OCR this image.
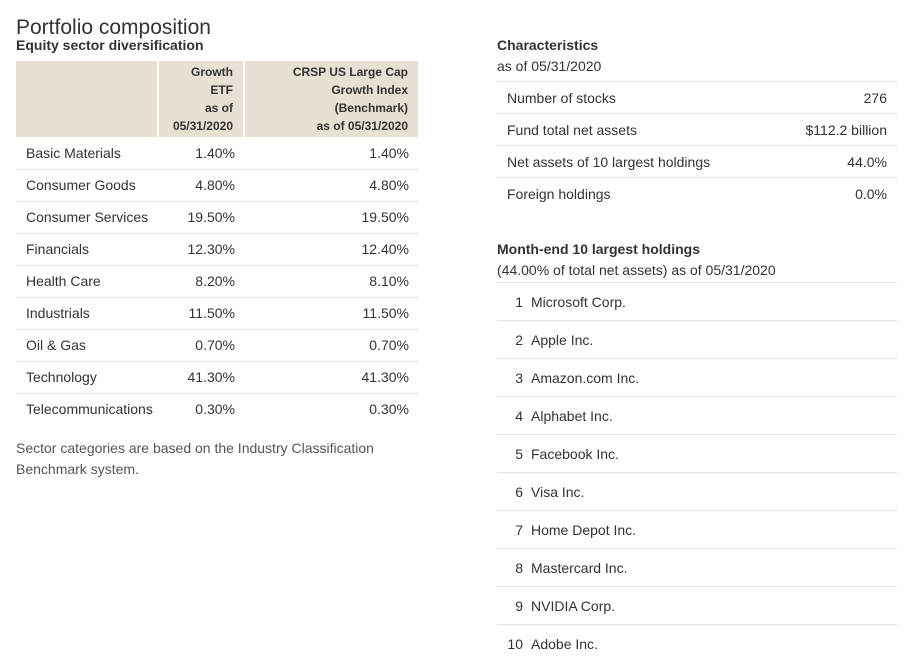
Portfolio composition
Equity sector diversification

	Growth
ETF
as of
05/31/2020	CRSP US Large Cap
Growth Index
(Benchmark)
as of 05/31/2020

Basic Materials	1.40%	1.40%
Consumer Goods	4.80%	4.80%
Consumer Services	19.50%	19.50%
Financials	12.30%	12.40%
Health Care	8.20%	8.10%
Industrials	11.50%	11.50%
Oil & Gas	0.70%	0.70%
Technology	41.30%	41.30%
Telecommunications	0.30%	0.30%

Sector categories are based on the Industry Classification Benchmark system.

Characteristics

as of 05/31/2020

Number of stocks	276
Fund total net assets	$112.2 billion
Net assets of 10 largest holdings	44.0%
Foreign holdings	0.0%
Month-end 10 largest holdings

(44.00% of total net assets) as of 05/31/2020

1 Microsoft Corp.
2 Apple Inc.
3 Amazon.com Inc.
4 Alphabet Inc.
5 Facebook Inc.
6 Visa Inc.
7 Home Depot Inc.
8 Mastercard Inc.
9 NVIDIA Corp.
10 Adobe Inc.
